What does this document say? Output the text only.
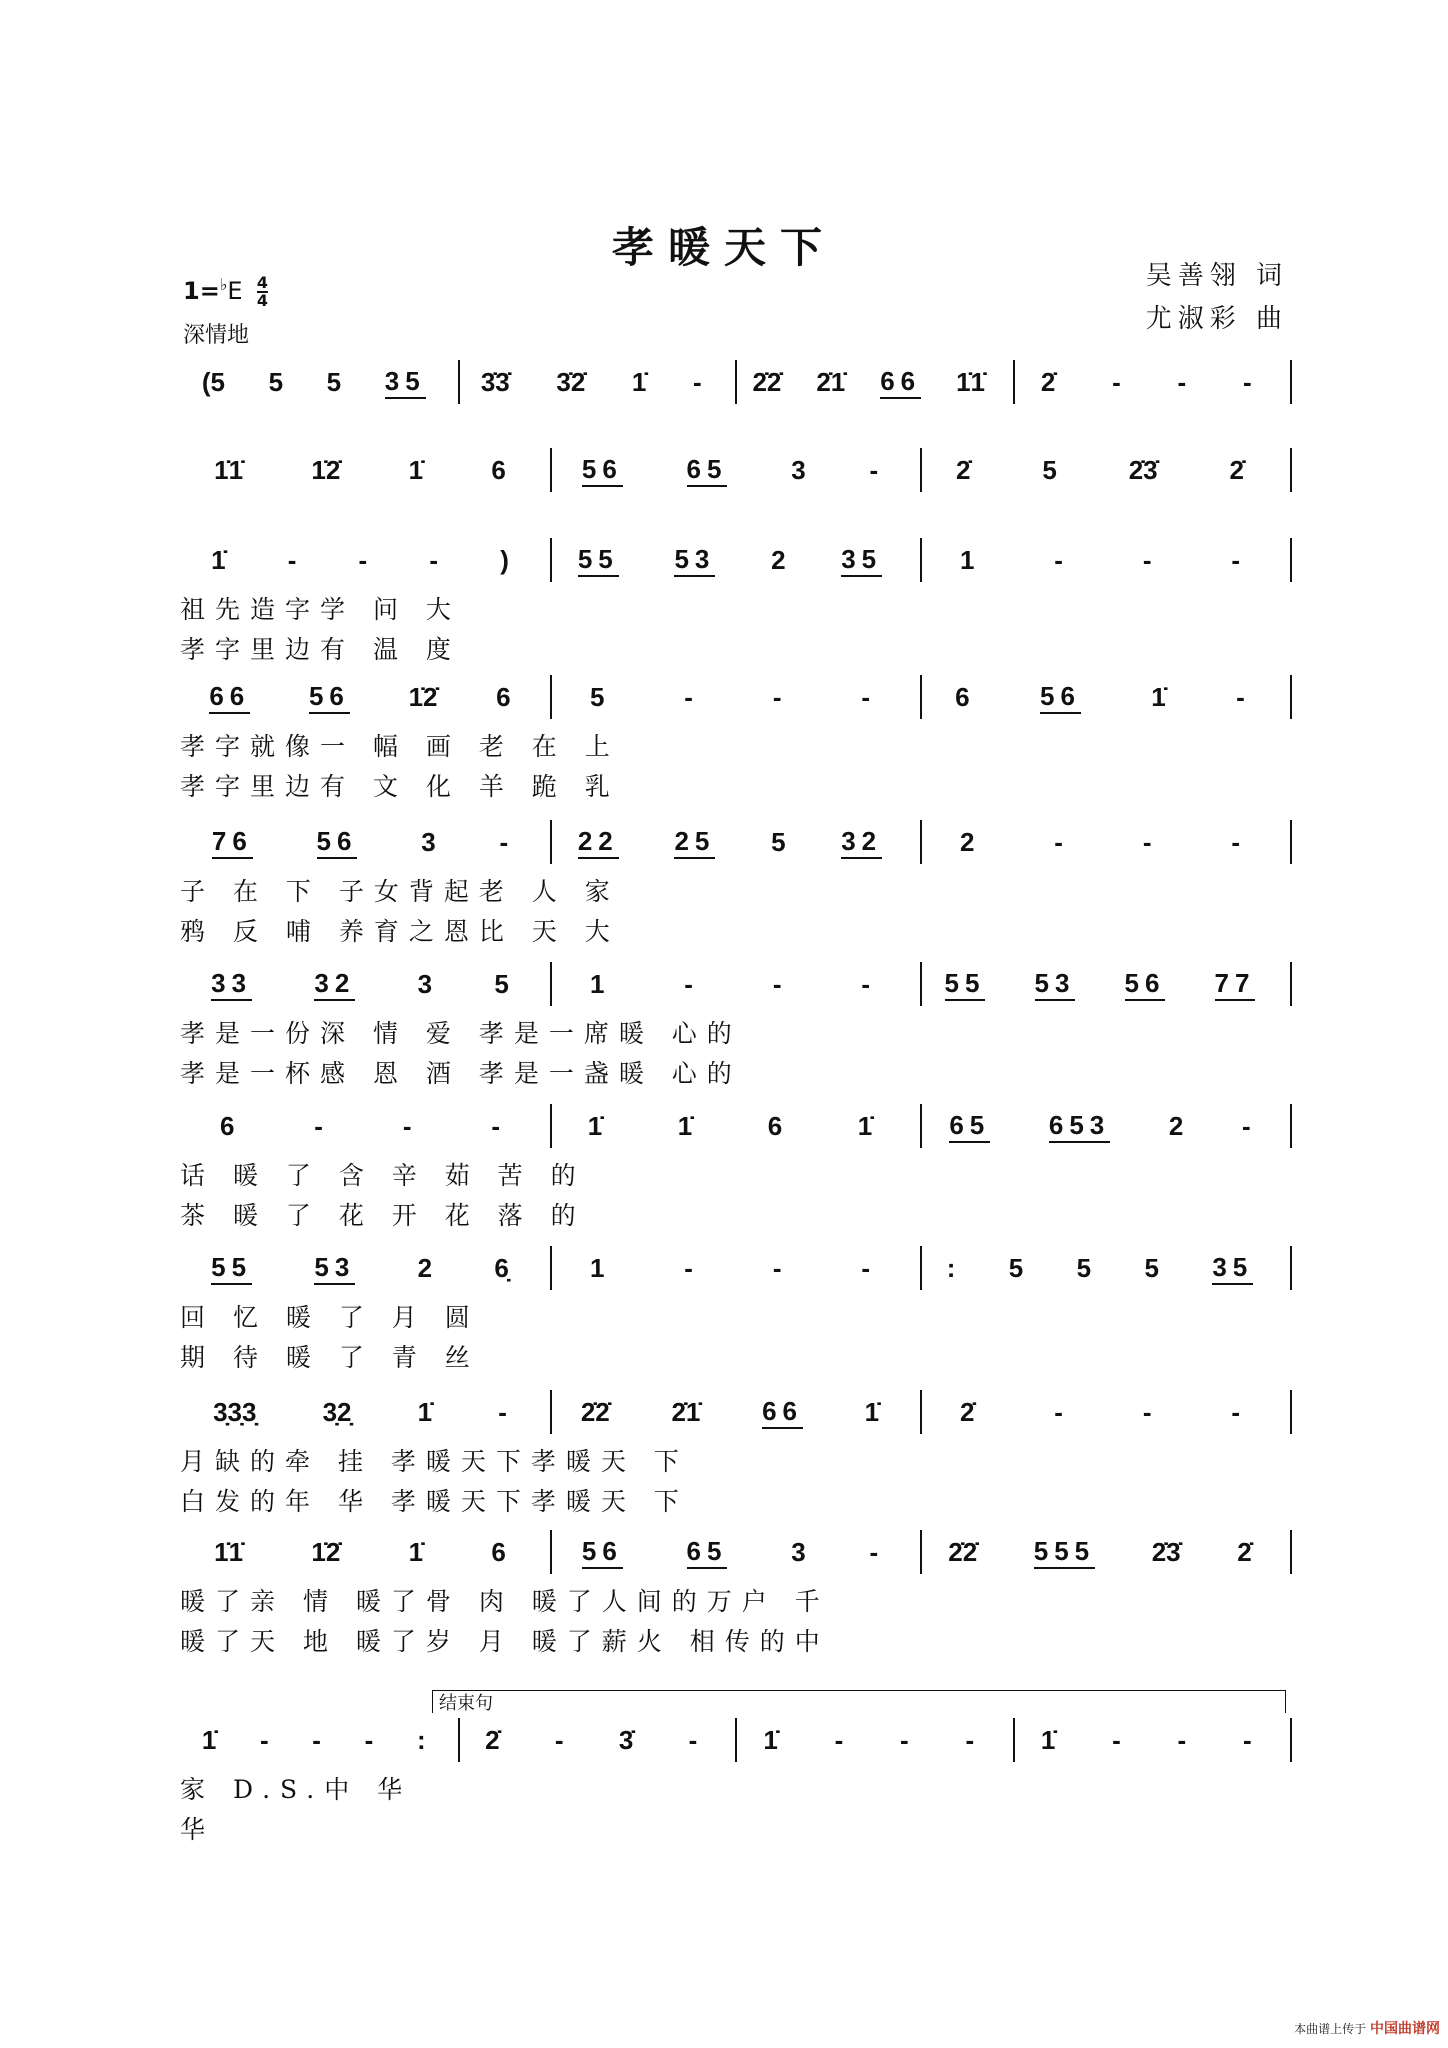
孝暖天下
吴善翎 词
尤淑彩 曲
$1=^♭E \frac{4}{4}$
深情地
(5 5 5 35 3̇3̇ 3̇2̇ 1̇ - 2̇2̇ 2̇1̇ 66 1̇1̇ 2̇ - - -
1̇1̇	1̇2̇	1̇	6	56 65 3 -	2̇	5	2̇3̇	2̇
1̇ - - - )	55 53 2 35	1	-	-	-
祖先造字学 问 大
孝字里边有 温 度
66 56 1̇2̇ 6	5	-	-	-	6	56	1̇	-
孝字就像一 幅 画 老 在 上
孝字里边有 文 化 羊 跪 乳
76 56 3 -	22 25 5 32	2	-	-	-
子 在 下 子女背起老 人 家
鸦 反 哺 养育之恩比 天 大
33 32 3 5	1	-	-	-	55 53 56 77
孝是一份深 情 爱 孝是一席暖 心的
孝是一杯感 恩 酒 孝是一盏暖 心的
6	-	-	-	1̇	1̇	6	1̇	65 653 2 -
话 暖 了 含 辛 茹 苦 的
茶 暖 了 花 开 花 落 的
55 53 2 6̣	1	-	-	-	: 5 5 5 35
回 忆 暖 了 月 圆
期 待 暖 了 青 丝
3̣3̣3̣	3̣2̣	1̇	-	2̇2̇ 2̇1̇ 66 1̇	2̇	-	-	-
月缺的牵 挂 孝暖天下孝暖天 下
白发的年 华 孝暖天下孝暖天 下
1̇1̇	1̇2̇	1̇	6	56 65 3 -	2̇2̇ 555 2̇3̇ 2̇
暖了亲 情 暖了骨 肉 暖了人间的万户 千
暖了天 地 暖了岁 月 暖了薪火 相传的中
1̇ - - - : 2̇ - 3̇ -	1̇ - - -	1̇ - - -
家 D.S.中 华
华
结束句
本曲谱上传于 中国曲谱网
